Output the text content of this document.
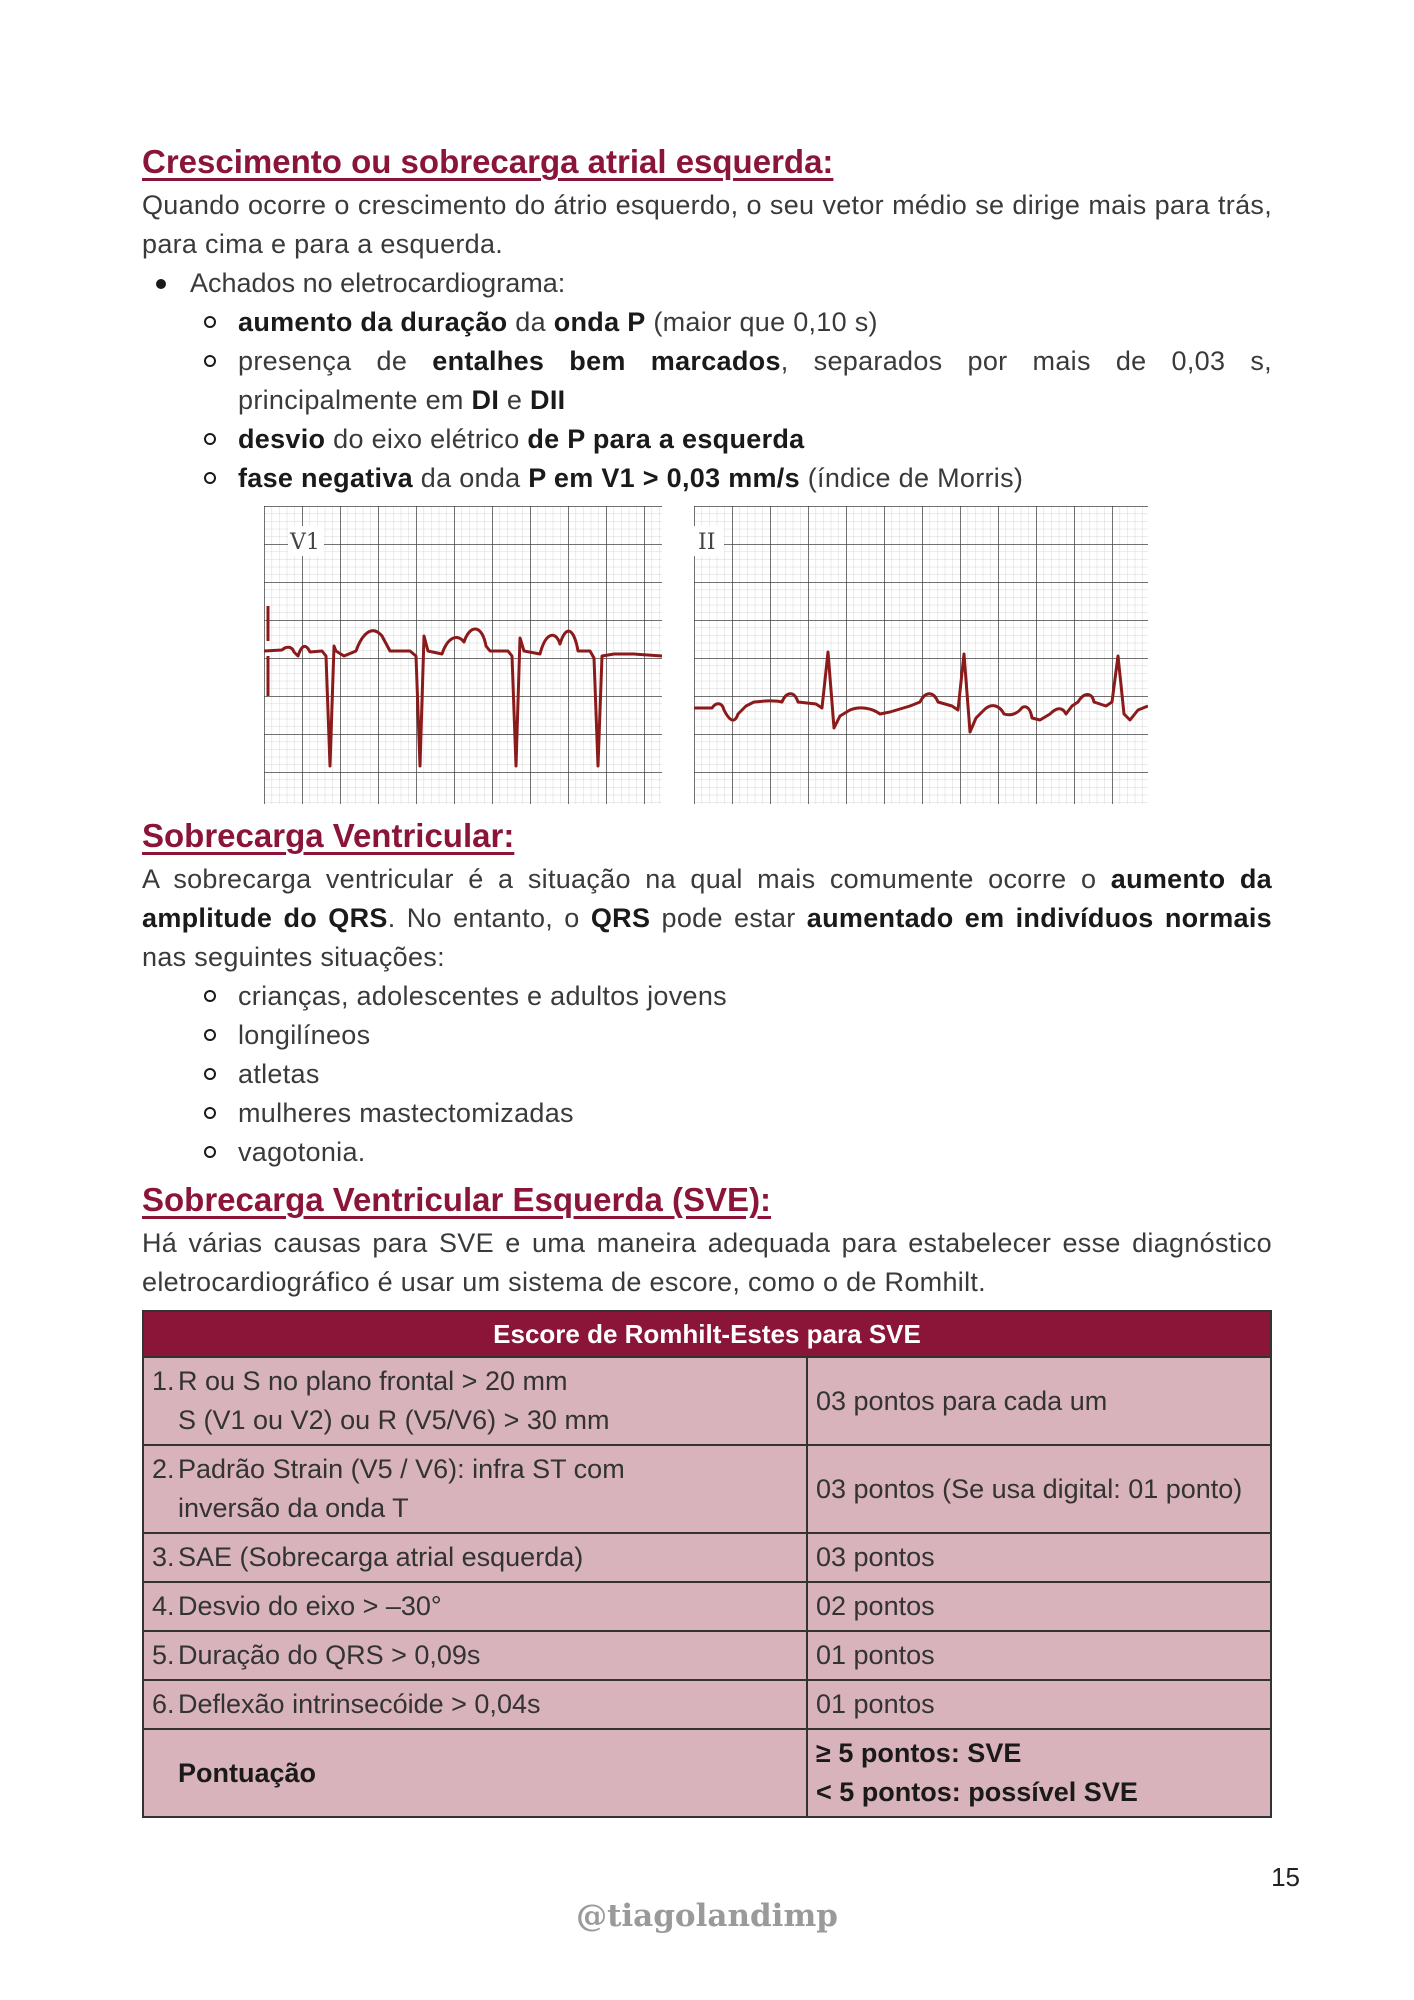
Crescimento ou sobrecarga atrial esquerda:

Quando ocorre o crescimento do átrio esquerdo, o seu vetor médio se dirige mais para trás, para cima e para a esquerda.

Achados no eletrocardiograma:
aumento da duração da onda P (maior que 0,10 s)
presença de entalhes bem marcados, separados por mais de 0,03 s, principalmente em DI e DII
desvio do eixo elétrico de P para a esquerda
fase negativa da onda P em V1 > 0,03 mm/s (índice de Morris)
V1	II
Sobrecarga Ventricular:

A sobrecarga ventricular é a situação na qual mais comumente ocorre o aumento da amplitude do QRS. No entanto, o QRS pode estar aumentado em indivíduos normais nas seguintes situações:

crianças, adolescentes e adultos jovens
longilíneos
atletas
mulheres mastectomizadas
vagotonia.
Sobrecarga Ventricular Esquerda (SVE):

Há várias causas para SVE e uma maneira adequada para estabelecer esse diagnóstico eletrocardiográfico é usar um sistema de escore, como o de Romhilt.

Escore de Romhilt-Estes para SVE	
1. R ou S no plano frontal > 20 mm
S (V1 ou V2) ou R (V5/V6) > 30 mm	03 pontos para cada um
2. Padrão Strain (V5 / V6): infra ST com
inversão da onda T	03 pontos (Se usa digital: 01 ponto)
3. SAE (Sobrecarga atrial esquerda)	03 pontos
4. Desvio do eixo > –30°	02 pontos
5. Duração do QRS > 0,09s	01 pontos
6. Deflexão intrinsecóide > 0,04s	01 pontos
Pontuação	≥ 5 pontos: SVE
< 5 pontos: possível SVE
15
@tiagolandimp
